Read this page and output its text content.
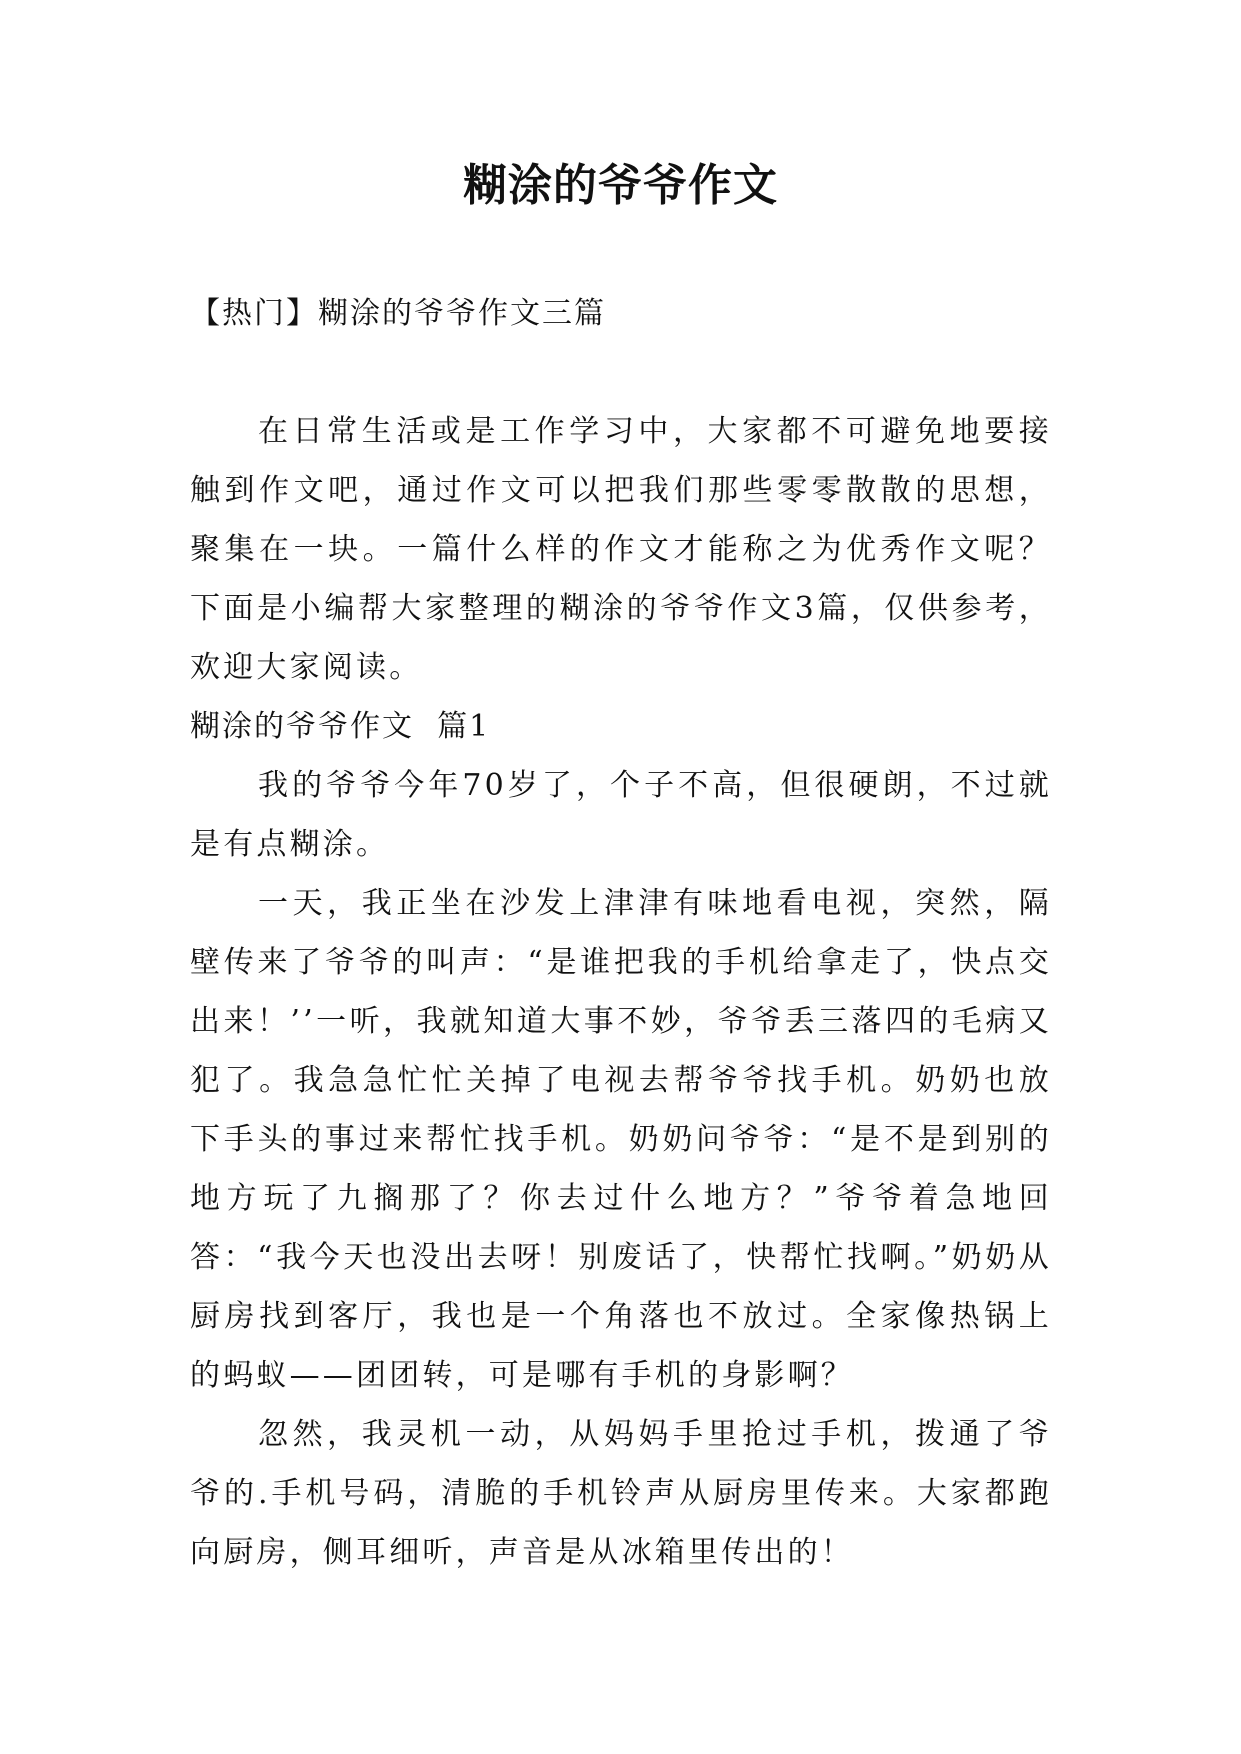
糊涂的爷爷作文

【热门】糊涂的爷爷作文三篇

在日常生活或是工作学习中，大家都不可避免地要接触到作文吧，通过作文可以把我们那些零零散散的思想，聚集在一块。一篇什么样的作文才能称之为优秀作文呢？下面是小编帮大家整理的糊涂的爷爷作文3篇，仅供参考，欢迎大家阅读。

糊涂的爷爷作文  篇1

我的爷爷今年70岁了，个子不高，但很硬朗，不过就是有点糊涂。

一天，我正坐在沙发上津津有味地看电视，突然，隔壁传来了爷爷的叫声：“是谁把我的手机给拿走了，快点交出来！’’一听，我就知道大事不妙，爷爷丢三落四的毛病又犯了。我急急忙忙关掉了电视去帮爷爷找手机。奶奶也放下手头的事过来帮忙找手机。奶奶问爷爷：“是不是到别的地方玩了九搁那了？你去过什么地方？”爷爷着急地回答：“我今天也没出去呀！别废话了，快帮忙找啊。”奶奶从厨房找到客厅，我也是一个角落也不放过。全家像热锅上的蚂蚁——团团转，可是哪有手机的身影啊？

忽然，我灵机一动，从妈妈手里抢过手机，拨通了爷爷的.手机号码，清脆的手机铃声从厨房里传来。大家都跑向厨房，侧耳细听，声音是从冰箱里传出的！
